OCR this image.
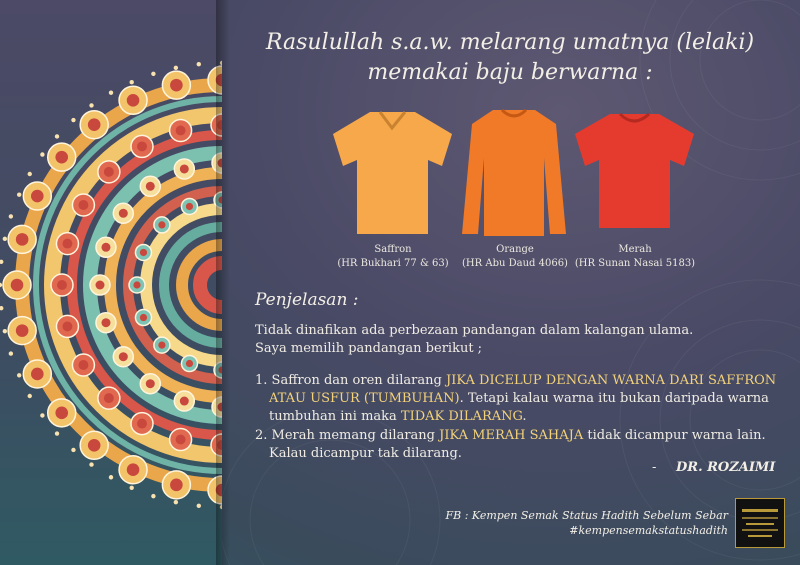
Rasulullah s.a.w. melarang umatnya (lelaki)
memakai baju berwarna :
Saffron
(HR Bukhari 77 & 63)
Orange
(HR Abu Daud 4066)
Merah
(HR Sunan Nasai 5183)
Penjelasan :
Tidak dinafikan ada perbezaan pandangan dalam kalangan ulama.
Saya memilih pandangan berikut ;
1. Saffron dan oren dilarang JIKA DICELUP DENGAN WARNA DARI SAFFRON
ATAU USFUR (TUMBUHAN). Tetapi kalau warna itu bukan daripada warna
tumbuhan ini maka TIDAK DILARANG.
2. Merah memang dilarang JIKA MERAH SAHAJA tidak dicampur warna lain.
Kalau dicampur tak dilarang.
- DR. ROZAIMI
FB : Kempen Semak Status Hadith Sebelum Sebar
#kempensemakstatushadith
